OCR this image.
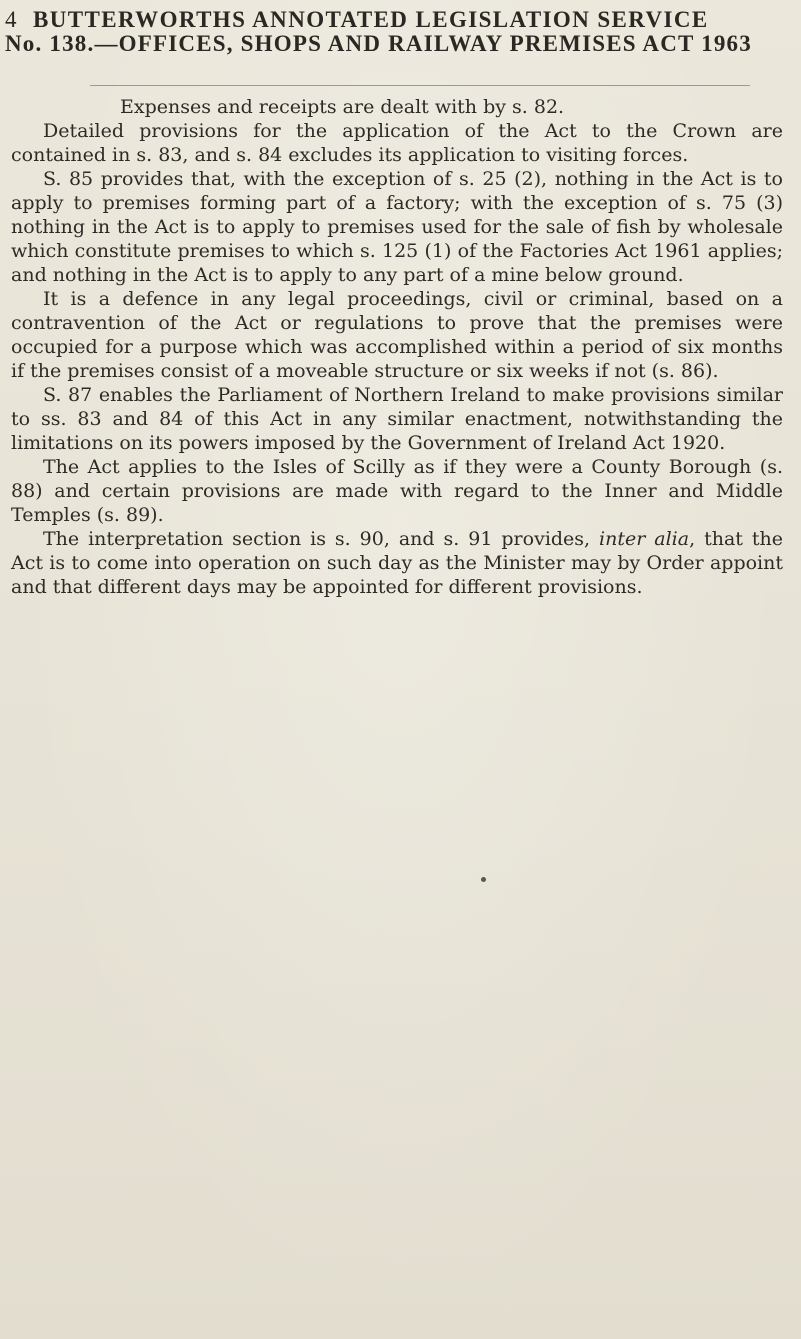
4 BUTTERWORTHS ANNOTATED LEGISLATION SERVICE
No. 138.—OFFICES, SHOPS AND RAILWAY PREMISES ACT 1963

Expenses and receipts are dealt with by s. 82.

Detailed provisions for the application of the Act to the Crown are contained in s. 83, and s. 84 excludes its application to visiting forces.

S. 85 provides that, with the exception of s. 25 (2), nothing in the Act is to apply to premises forming part of a factory; with the exception of s. 75 (3) nothing in the Act is to apply to premises used for the sale of fish by wholesale which constitute premises to which s. 125 (1) of the Factories Act 1961 applies; and nothing in the Act is to apply to any part of a mine below ground.

It is a defence in any legal proceedings, civil or criminal, based on a contravention of the Act or regulations to prove that the premises were occupied for a purpose which was accomplished within a period of six months if the premises consist of a moveable structure or six weeks if not (s. 86).

S. 87 enables the Parliament of Northern Ireland to make provisions similar to ss. 83 and 84 of this Act in any similar enactment, notwithstanding the limitations on its powers imposed by the Government of Ireland Act 1920.

The Act applies to the Isles of Scilly as if they were a County Borough (s. 88) and certain provisions are made with regard to the Inner and Middle Temples (s. 89).

The interpretation section is s. 90, and s. 91 provides, inter alia, that the Act is to come into operation on such day as the Minister may by Order appoint and that different days may be appointed for different provisions.
